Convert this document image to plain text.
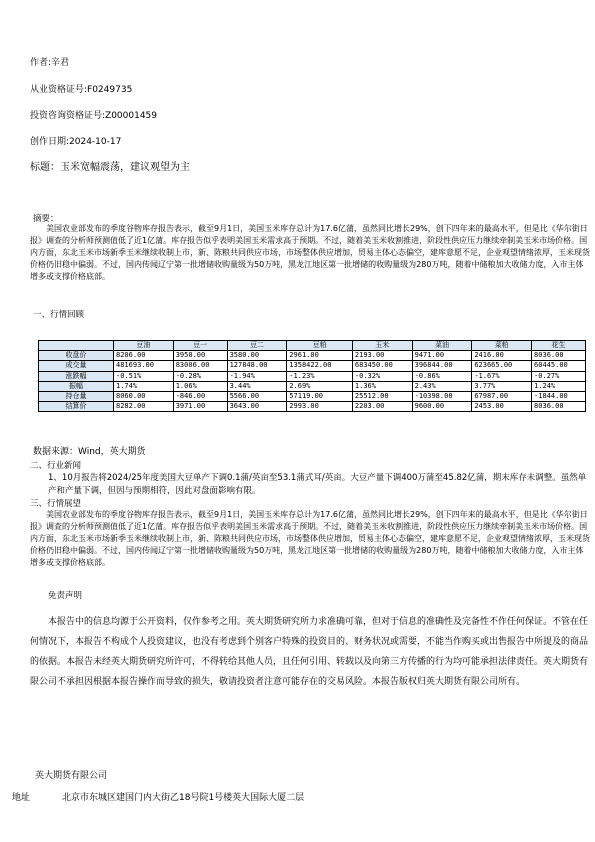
作者:辛君
从业资格证号:F0249735
投资咨询资格证号:Z00001459
创作日期:2024-10-17
标题：玉米宽幅震荡，建议观望为主
摘要：
美国农业部发布的季度谷物库存报告表示，截至9月1日，美国玉米库存总计为17.6亿蒲，虽然同比增长29%，创下四年来的最高水平，但是比《华尔街日报》调查的分析师预测值低了近1亿蒲。库存报告似乎表明美国玉米需求高于预期。不过，随着美玉米收割推进，阶段性供应压力继续牵制美玉米市场价格。国内方面，东北玉米市场新季玉米继续收制上市，新、陈粮共同供应市场，市场整体供应增加，贸易主体心态偏空，建库意愿不足，企业观望情绪浓厚，玉米现货价格仍旧稳中偏弱。不过，国内传闻辽宁第一批增储收购量级为50万吨，黑龙江地区第一批增储的收购量级为280万吨，随着中储粮加大收储力度，入市主体增多或支撑价格底部。
一、行情回顾
	豆油	豆一	豆二	豆粕	玉米	菜油	菜粕	花生
收盘价	8206.00	3950.00	3580.00	2961.00	2193.00	9471.00	2416.00	8036.00
成交量	481693.00	83006.00	127848.00	1358422.00	683450.00	396844.00	623665.00	60445.00
涨跌幅	-0.51%	-0.28%	-1.94%	-1.23%	-0.32%	-0.86%	-1.67%	-0.27%
振幅	1.74%	1.06%	3.44%	2.69%	1.36%	2.43%	3.77%	1.24%
持仓量	8060.00	-846.00	5566.00	57119.00	25512.00	-10398.00	67987.00	-1844.00
结算价	8282.00	3971.00	3643.00	2993.00	2203.00	9600.00	2453.00	8036.00
数据来源：Wind，英大期货
二、行业新闻
1、10月报告将2024/25年度美国大豆单产下调0.1蒲/英亩至53.1蒲式耳/英亩。大豆产量下调400万蒲至45.82亿蒲，期末库存未调整。虽然单产和产量下调，但因与预期相符，因此对盘面影响有限。
三、行情展望
美国农业部发布的季度谷物库存报告表示，截至9月1日，美国玉米库存总计为17.6亿蒲，虽然同比增长29%，创下四年来的最高水平，但是比《华尔街日报》调查的分析师预测值低了近1亿蒲。库存报告似乎表明美国玉米需求高于预期。不过，随着美玉米收割推进，阶段性供应压力继续牵制美玉米市场价格。国内方面，东北玉米市场新季玉米继续收制上市，新、陈粮共同供应市场，市场整体供应增加，贸易主体心态偏空，建库意愿不足，企业观望情绪浓厚，玉米现货价格仍旧稳中偏弱。不过，国内传闻辽宁第一批增储收购量级为50万吨，黑龙江地区第一批增储的收购量级为280万吨，随着中储粮加大收储力度，入市主体增多或支撑价格底部。
免责声明
本报告中的信息均源于公开资料，仅作参考之用。英大期货研究所力求准确可靠，但对于信息的准确性及完备性不作任何保证。不管在任何情况下，本报告不构成个人投资建议，也没有考虑到个别客户特殊的投资目的、财务状况或需要，不能当作购买或出售报告中所提及的商品的依据。本报告未经英大期货研究所许可，不得转给其他人员，且任何引用、转载以及向第三方传播的行为均可能承担法律责任。英大期货有限公司不承担因根据本报告操作而导致的损失，敬请投资者注意可能存在的交易风险。本报告版权归英大期货有限公司所有。
英大期货有限公司
地址	北京市东城区建国门内大街乙18号院1号楼英大国际大厦二层
